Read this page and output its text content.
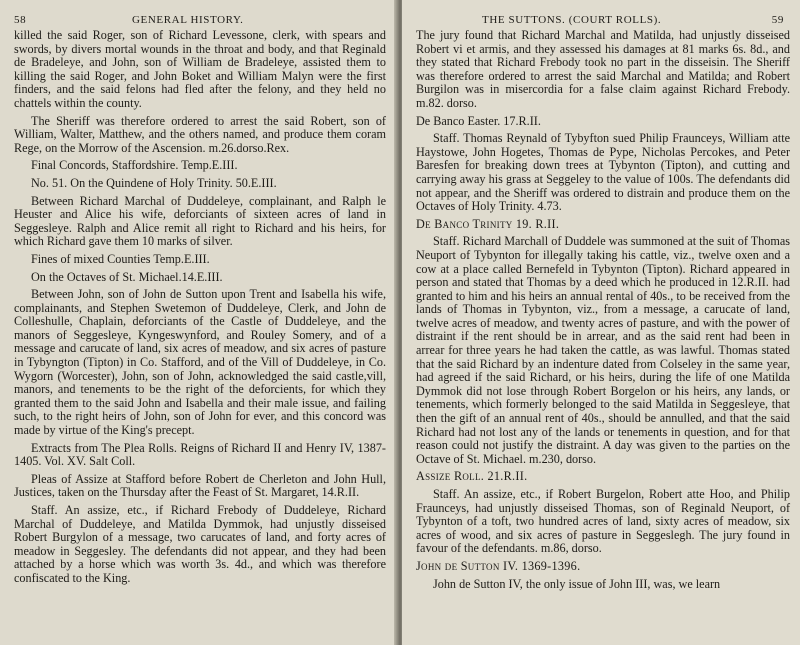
58	GENERAL HISTORY.

killed the said Roger, son of Richard Levessone, clerk, with spears and swords, by divers mortal wounds in the throat and body, and that Reginald de Bradeleye, and John, son of William de Bradeleye, assisted them to killing the said Roger, and John Boket and William Malyn were the first finders, and the said felons had fled after the felony, and they held no chattels within the county.

The Sheriff was therefore ordered to arrest the said Robert, son of William, Walter, Matthew, and the others named, and produce them coram Rege, on the Morrow of the Ascension. m.26.dorso.Rex.

Final Concords, Staffordshire. Temp.E.III.

No. 51. On the Quindene of Holy Trinity. 50.E.III.

Between Richard Marchal of Duddeleye, complainant, and Ralph le Heuster and Alice his wife, deforciants of sixteen acres of land in Seggesleye. Ralph and Alice remit all right to Richard and his heirs, for which Richard gave them 10 marks of silver.

Fines of mixed Counties Temp.E.III.

On the Octaves of St. Michael.14.E.III.

Between John, son of John de Sutton upon Trent and Isabella his wife, complainants, and Stephen Swetemon of Duddeleye, Clerk, and John de Colleshulle, Chaplain, deforciants of the Castle of Duddeleye, and the manors of Seggesleye, Kyngeswynford, and Rouley Somery, and of a message and carucate of land, six acres of meadow, and six acres of pasture in Tybyngton (Tipton) in Co. Stafford, and of the Vill of Duddeleye, in Co. Wygorn (Worcester), John, son of John, acknowledged the said castle,vill, manors, and tenements to be the right of the deforcients, for which they granted them to the said John and Isabella and their male issue, and failing such, to the right heirs of John, son of John for ever, and this concord was made by virtue of the King's precept.

Extracts from The Plea Rolls. Reigns of Richard II and Henry IV, 1387-1405. Vol. XV. Salt Coll.

Pleas of Assize at Stafford before Robert de Cherleton and John Hull, Justices, taken on the Thursday after the Feast of St. Margaret, 14.R.II.

Staff. An assize, etc., if Richard Frebody of Duddeleye, Richard Marchal of Duddeleye, and Matilda Dymmok, had unjustly disseised Robert Burgylon of a message, two carucates of land, and forty acres of meadow in Seggesley. The defendants did not appear, and they had been attached by a horse which was worth 3s. 4d., and which was therefore confiscated to the King.

THE SUTTONS. (COURT ROLLS).	59

The jury found that Richard Marchal and Matilda, had unjustly disseised Robert vi et armis, and they assessed his damages at 81 marks 6s. 8d., and they stated that Richard Frebody took no part in the disseisin. The Sheriff was therefore ordered to arrest the said Marchal and Matilda; and Robert Burgilon was in misercordia for a false claim against Richard Frebody. m.82. dorso.

De Banco Easter. 17.R.II.

Staff. Thomas Reynald of Tybyfton sued Philip Fraunceys, William atte Haystowe, John Hogetes, Thomas de Pype, Nicholas Percokes, and Peter Baresfen for breaking down trees at Tybynton (Tipton), and cutting and carrying away his grass at Seggeley to the value of 100s. The defendants did not appear, and the Sheriff was ordered to distrain and produce them on the Octaves of Holy Trinity. 4.73.

De Banco Trinity 19. R.II.

Staff. Richard Marchall of Duddele was summoned at the suit of Thomas Neuport of Tybynton for illegally taking his cattle, viz., twelve oxen and a cow at a place called Bernefeld in Tybynton (Tipton). Richard appeared in person and stated that Thomas by a deed which he produced in 12.R.II. had granted to him and his heirs an annual rental of 40s., to be received from the lands of Thomas in Tybynton, viz., from a message, a carucate of land, twelve acres of meadow, and twenty acres of pasture, and with the power of distraint if the rent should be in arrear, and as the said rent had been in arrear for three years he had taken the cattle, as was lawful. Thomas stated that the said Richard by an indenture dated from Colseley in the same year, had agreed if the said Richard, or his heirs, during the life of one Matilda Dymmok did not lose through Robert Borgelon or his heirs, any lands, or tenements, which formerly belonged to the said Matilda in Seggesleye, that then the gift of an annual rent of 40s., should be annulled, and that the said Richard had not lost any of the lands or tenements in question, and for that reason could not justify the distraint. A day was given to the parties on the Octave of St. Michael. m.230, dorso.

Assize Roll. 21.R.II.

Staff. An assize, etc., if Robert Burgelon, Robert atte Hoo, and Philip Fraunceys, had unjustly disseised Thomas, son of Reginald Neuport, of Tybynton of a toft, two hundred acres of land, sixty acres of meadow, six acres of wood, and six acres of pasture in Seggeslegh. The jury found in favour of the defendants. m.86, dorso.

John de Sutton IV. 1369-1396.

John de Sutton IV, the only issue of John III, was, we learn
